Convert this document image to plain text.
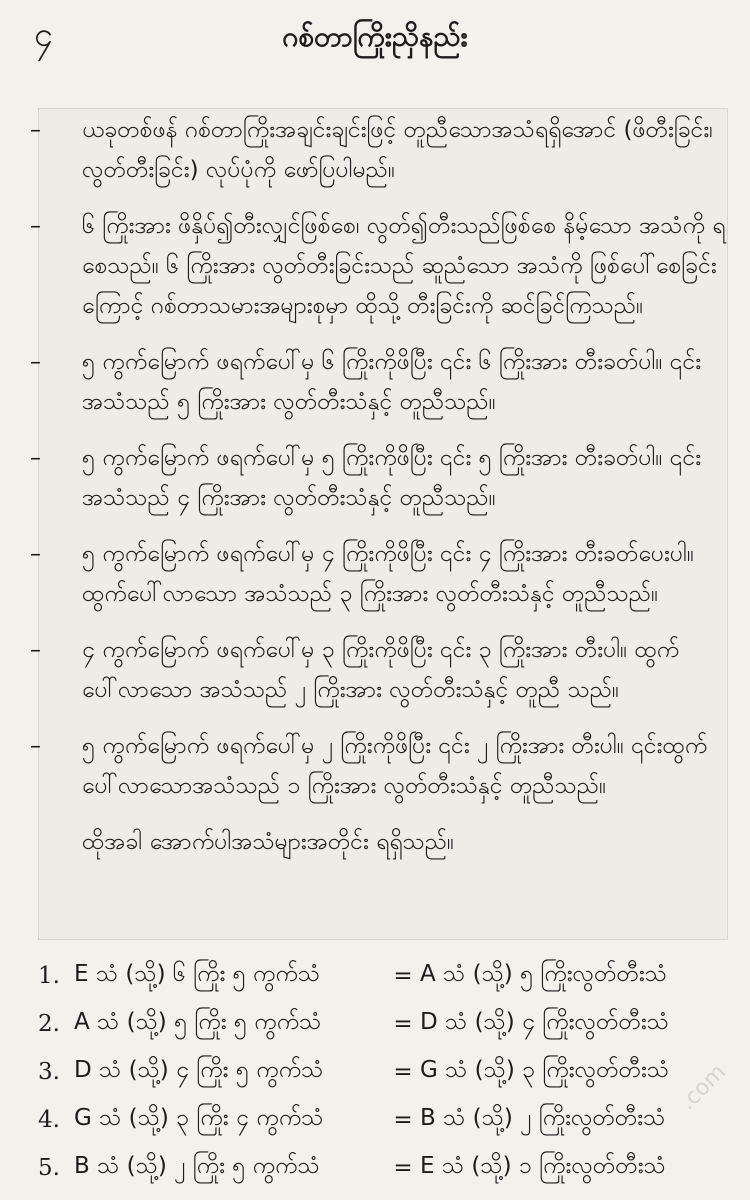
၄	ဂစ်တာကြိုးညှိနည်း
–	ယခုတစ်ဖန် ဂစ်တာကြိုးအချင်းချင်းဖြင့် တူညီသောအသံရရှိအောင် (ဖိတီးခြင်း၊ လွတ်တီးခြင်း) လုပ်ပုံကို ဖော်ပြပါမည်။
–	၆ ကြိုးအား ဖိနှိပ်၍တီးလျှင်ဖြစ်စေ၊ လွတ်၍တီးသည်ဖြစ်စေ နိမ့်သော အသံကို ရစေသည်။ ၆ ကြိုးအား လွတ်တီးခြင်းသည် ဆူညံသော အသံကို ဖြစ်ပေါ်စေခြင်းကြောင့် ဂစ်တာသမားအများစုမှာ ထိုသို့ တီးခြင်းကို ဆင်ခြင်ကြသည်။
–	၅ ကွက်မြောက် ဖရက်ပေါ်မှ ၆ ကြိုးကိုဖိပြီး ၎င်း ၆ ကြိုးအား တီးခတ်ပါ။ ၎င်းအသံသည် ၅ ကြိုးအား လွတ်တီးသံနှင့် တူညီသည်။
–	၅ ကွက်မြောက် ဖရက်ပေါ်မှ ၅ ကြိုးကိုဖိပြီး ၎င်း ၅ ကြိုးအား တီးခတ်ပါ။ ၎င်းအသံသည် ၄ ကြိုးအား လွတ်တီးသံနှင့် တူညီသည်။
–	၅ ကွက်မြောက် ဖရက်ပေါ်မှ ၄ ကြိုးကိုဖိပြီး ၎င်း ၄ ကြိုးအား တီးခတ်ပေးပါ။ ထွက်ပေါ်လာသော အသံသည် ၃ ကြိုးအား လွတ်တီးသံနှင့် တူညီသည်။
–	၄ ကွက်မြောက် ဖရက်ပေါ်မှ ၃ ကြိုးကိုဖိပြီး ၎င်း ၃ ကြိုးအား တီးပါ။ ထွက်ပေါ်လာသော အသံသည် ၂ ကြိုးအား လွတ်တီးသံနှင့် တူညီ သည်။
–	၅ ကွက်မြောက် ဖရက်ပေါ်မှ ၂ ကြိုးကိုဖိပြီး ၎င်း ၂ ကြိုးအား တီးပါ။ ၎င်းထွက်ပေါ်လာသောအသံသည် ၁ ကြိုးအား လွတ်တီးသံနှင့် တူညီသည်။
ထိုအခါ အောက်ပါအသံများအတိုင်း ရရှိသည်။
1. E သံ (သို့) ၆ ကြိုး ၅ ကွက်သံ	= A သံ (သို့) ၅ ကြိုးလွတ်တီးသံ
2. A သံ (သို့) ၅ ကြိုး ၅ ကွက်သံ	= D သံ (သို့) ၄ ကြိုးလွတ်တီးသံ
3. D သံ (သို့) ၄ ကြိုး ၅ ကွက်သံ	= G သံ (သို့) ၃ ကြိုးလွတ်တီးသံ
4. G သံ (သို့) ၃ ကြိုး ၄ ကွက်သံ	= B သံ (သို့) ၂ ကြိုးလွတ်တီးသံ
5. B သံ (သို့) ၂ ကြိုး ၅ ကွက်သံ	= E သံ (သို့) ၁ ကြိုးလွတ်တီးသံ
.com
